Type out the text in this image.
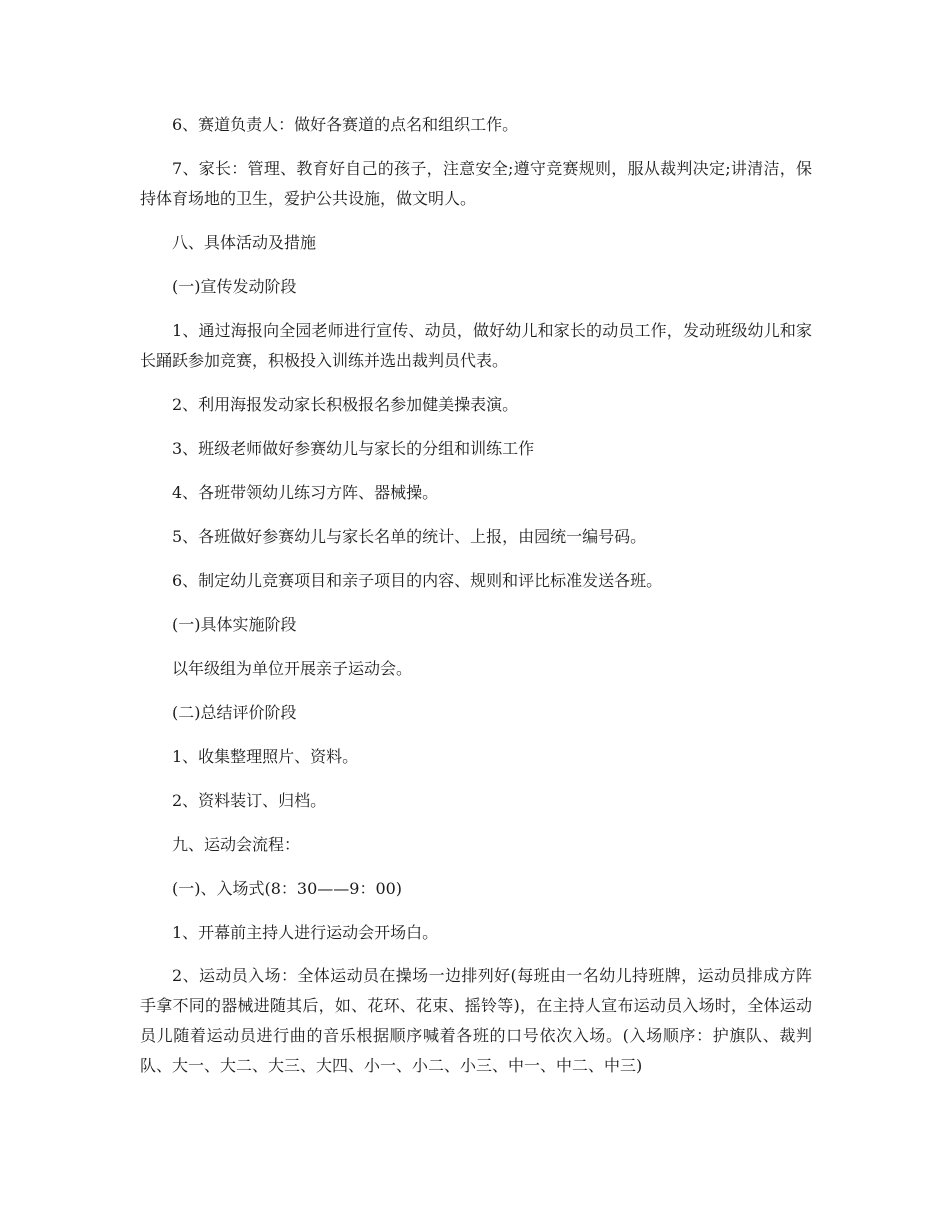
6、赛道负责人：做好各赛道的点名和组织工作。

7、家长：管理、教育好自己的孩子，注意安全;遵守竞赛规则，服从裁判决定;讲清洁，保持体育场地的卫生，爱护公共设施，做文明人。

八、具体活动及措施

(一)宣传发动阶段

1、通过海报向全园老师进行宣传、动员，做好幼儿和家长的动员工作，发动班级幼儿和家长踊跃参加竞赛，积极投入训练并选出裁判员代表。

2、利用海报发动家长积极报名参加健美操表演。

3、班级老师做好参赛幼儿与家长的分组和训练工作

4、各班带领幼儿练习方阵、器械操。

5、各班做好参赛幼儿与家长名单的统计、上报，由园统一编号码。

6、制定幼儿竞赛项目和亲子项目的内容、规则和评比标准发送各班。

(一)具体实施阶段

以年级组为单位开展亲子运动会。

(二)总结评价阶段

1、收集整理照片、资料。

2、资料装订、归档。

九、运动会流程：

(一)、入场式(8：30——9：00)

1、开幕前主持人进行运动会开场白。

2、运动员入场：全体运动员在操场一边排列好(每班由一名幼儿持班牌，运动员排成方阵手拿不同的器械进随其后，如、花环、花束、摇铃等)，在主持人宣布运动员入场时，全体运动员儿随着运动员进行曲的音乐根据顺序喊着各班的口号依次入场。(入场顺序：护旗队、裁判队、大一、大二、大三、大四、小一、小二、小三、中一、中二、中三)
